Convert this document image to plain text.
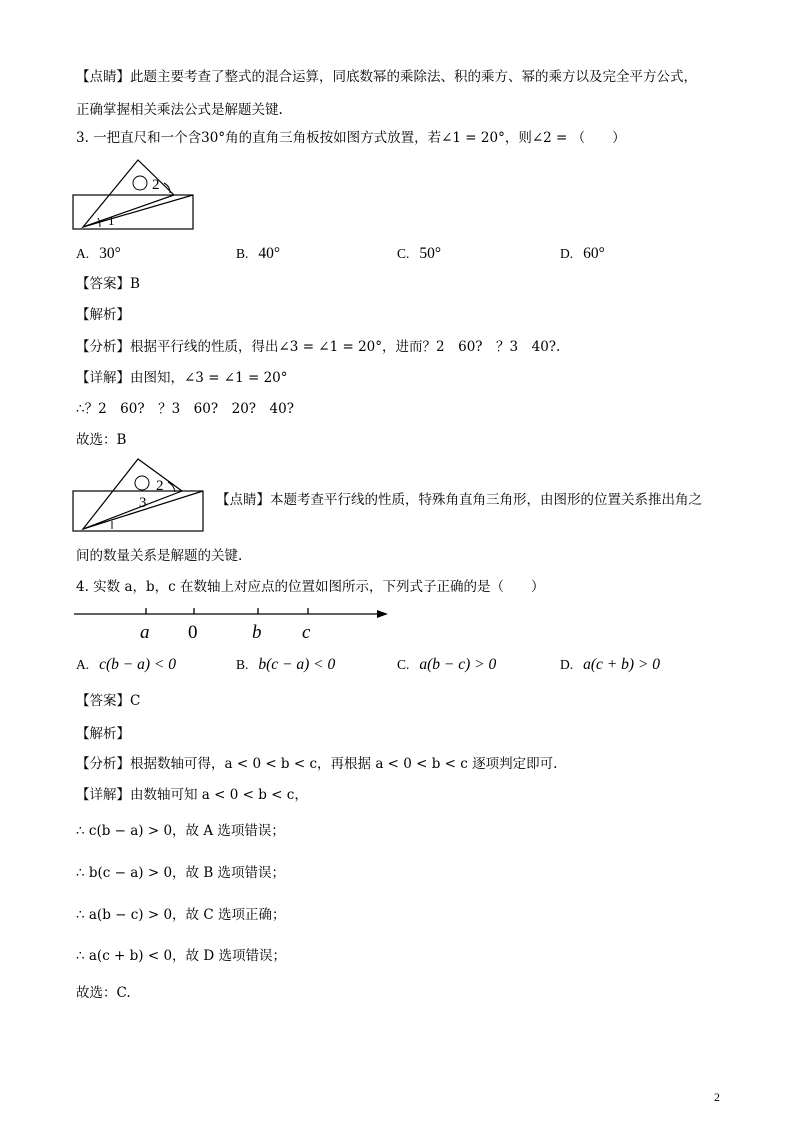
【点睛】此题主要考查了整式的混合运算，同底数幂的乘除法、积的乘方、幂的乘方以及完全平方公式，
正确掌握相关乘法公式是解题关键.
3. 一把直尺和一个含30°角的直角三角板按如图方式放置，若∠1 = 20°，则∠2 = （　　）
2
1
A. 30°	B. 40°	C. 50°	D. 60°
【答案】B
【解析】
【分析】根据平行线的性质，得出∠3 = ∠1 = 20°，进而？2　60?　？3　40?.
【详解】由图知，∠3 = ∠1 = 20°
∴？2　60?　？3　60?　20?　40?
故选：B
2
3	【点睛】本题考查平行线的性质，特殊角直角三角形，由图形的位置关系推出角之
间的数量关系是解题的关键.
4. 实数 a，b，c 在数轴上对应点的位置如图所示，下列式子正确的是（　　）
a 0	b c
A. c(b − a) < 0	B. b(c − a) < 0	C. a(b − c) > 0	D. a(c + b) > 0
【答案】C
【解析】
【分析】根据数轴可得，a < 0 < b < c，再根据 a < 0 < b < c 逐项判定即可.
【详解】由数轴可知 a < 0 < b < c，
∴ c(b − a) > 0，故 A 选项错误；
∴ b(c − a) > 0，故 B 选项错误；
∴ a(b − c) > 0，故 C 选项正确；
∴ a(c + b) < 0，故 D 选项错误；
故选：C.
2
